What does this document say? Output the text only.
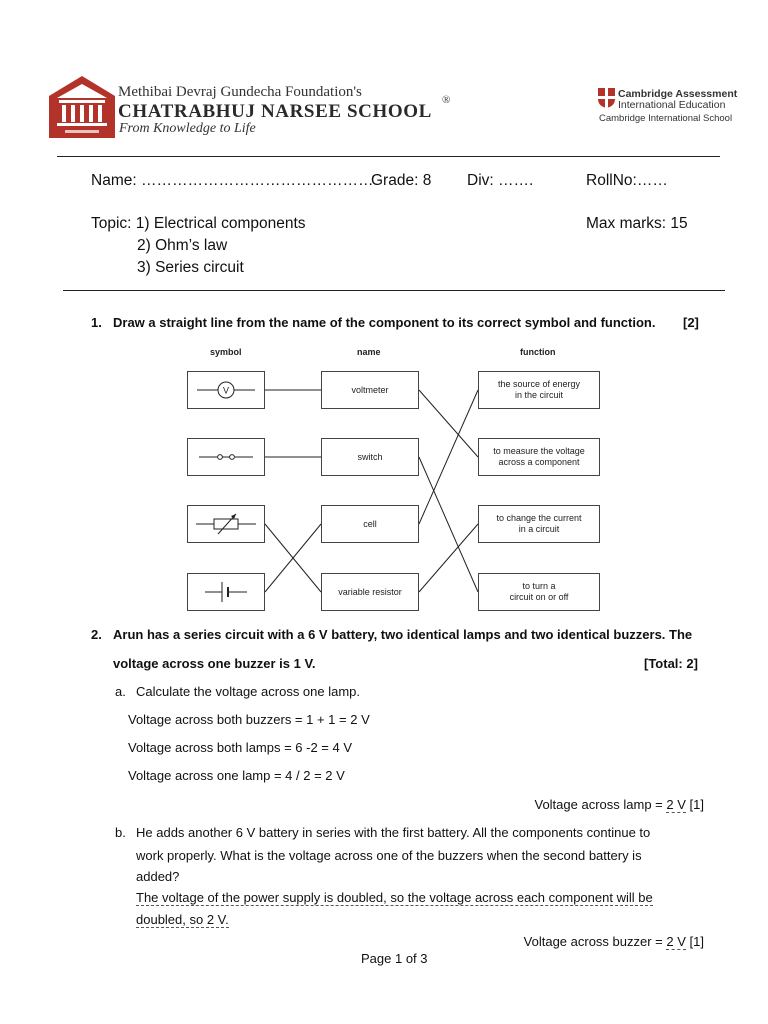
Methibai Devraj Gundecha Foundation's
CHATRABHUJ NARSEE SCHOOL
®
From Knowledge to Life
Cambridge Assessment
International Education
Cambridge International School
Name: ………………………………………
Grade: 8 Div: …….	RollNo:……
Topic: 1) Electrical components	Max marks: 15
2) Ohm’s law
3) Series circuit
1. Draw a straight line from the name of the component to its correct symbol and function. [2]
symbol	name	function
V	voltmeter
switch
cell
variable resistor
the source of energy
in the circuit
to measure the voltage
across a component
to change the current
in a circuit
to turn a
circuit on or off
2. Arun has a series circuit with a 6 V battery, two identical lamps and two identical buzzers. The
voltage across one buzzer is 1 V.	[Total: 2]
a. Calculate the voltage across one lamp.
Voltage across both buzzers = 1 + 1 = 2 V
Voltage across both lamps = 6 -2 = 4 V
Voltage across one lamp = 4 / 2 = 2 V
Voltage across lamp = 2 V [1]
b. He adds another 6 V battery in series with the first battery. All the components continue to
work properly. What is the voltage across one of the buzzers when the second battery is
added?
The voltage of the power supply is doubled, so the voltage across each component will be
doubled, so 2 V.
Voltage across buzzer = 2 V [1]
Page 1 of 3
